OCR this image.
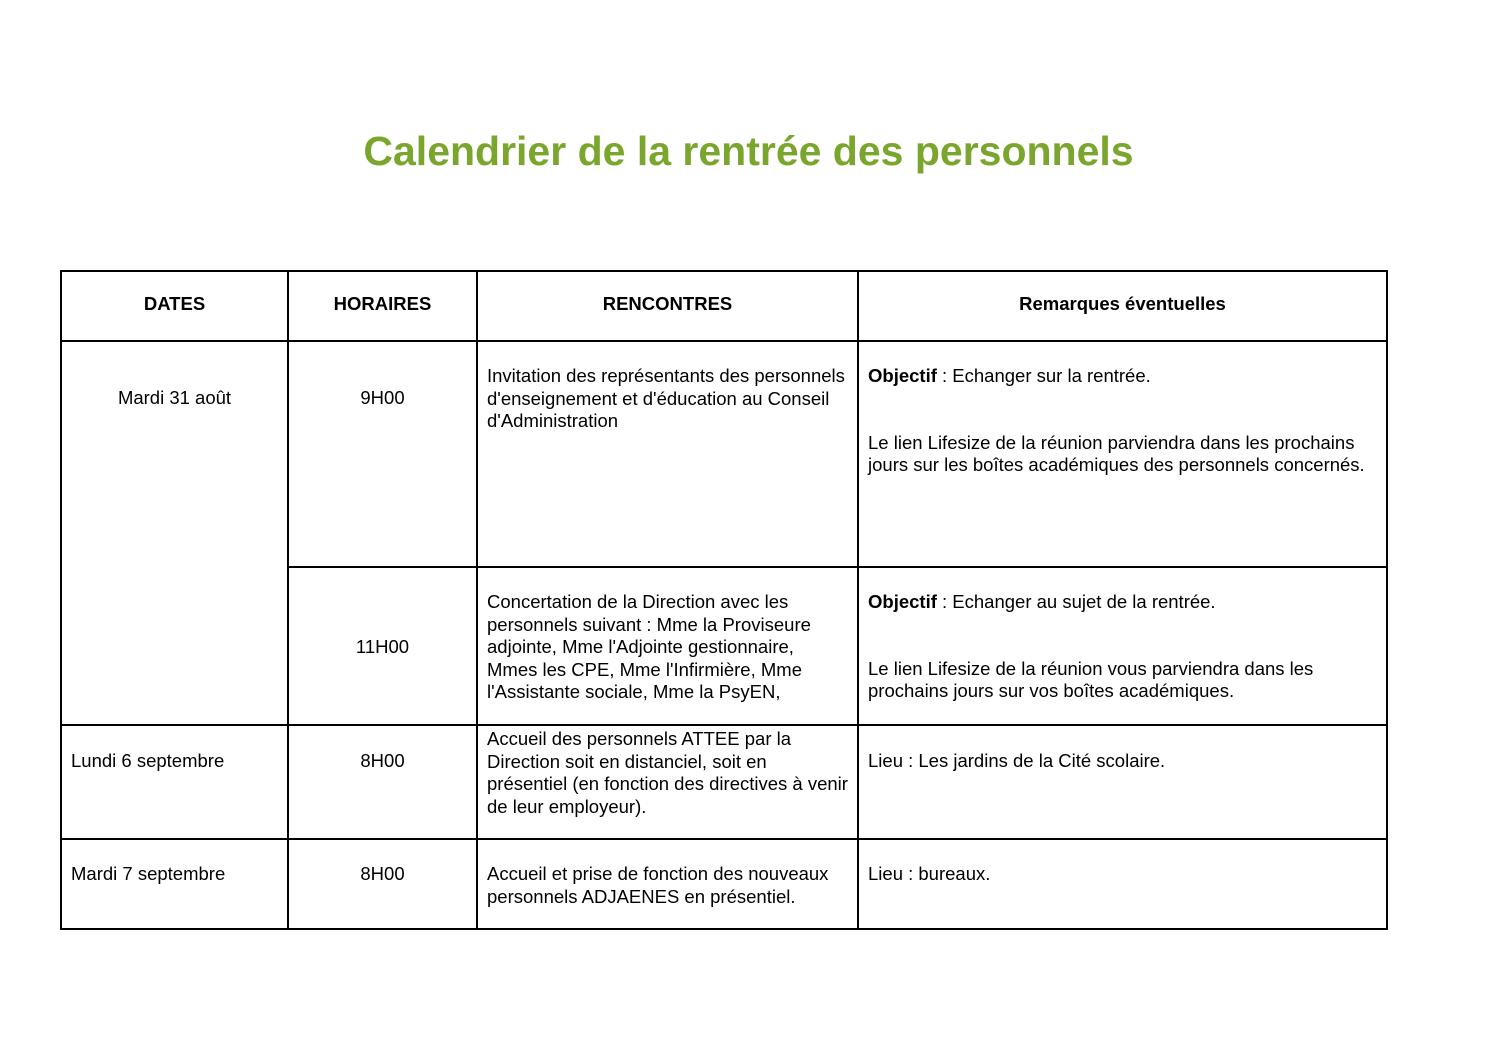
Calendrier de la rentrée des personnels
DATES	HORAIRES	RENCONTRES	Remarques éventuelles
Mardi 31 août	9H00	Invitation des représentants des personnels d'enseignement et d'éducation au Conseil d'Administration	Objectif : Echanger sur la rentrée.
Le lien Lifesize de la réunion parviendra dans les prochains jours sur les boîtes académiques des personnels concernés.

	11H00	Concertation de la Direction avec les personnels suivant : Mme la Proviseure adjointe, Mme l'Adjointe gestionnaire, Mmes les CPE, Mme l'Infirmière, Mme l'Assistante sociale, Mme la PsyEN,	Objectif : Echanger au sujet de la rentrée.
Le lien Lifesize de la réunion vous parviendra dans les prochains jours sur vos boîtes académiques.

Lundi 6 septembre	8H00	Accueil des personnels ATTEE par la Direction soit en distanciel, soit en présentiel (en fonction des directives à venir de leur employeur).	Lieu : Les jardins de la Cité scolaire.
Mardi 7 septembre	8H00	Accueil et prise de fonction des nouveaux personnels ADJAENES en présentiel.	Lieu : bureaux.
